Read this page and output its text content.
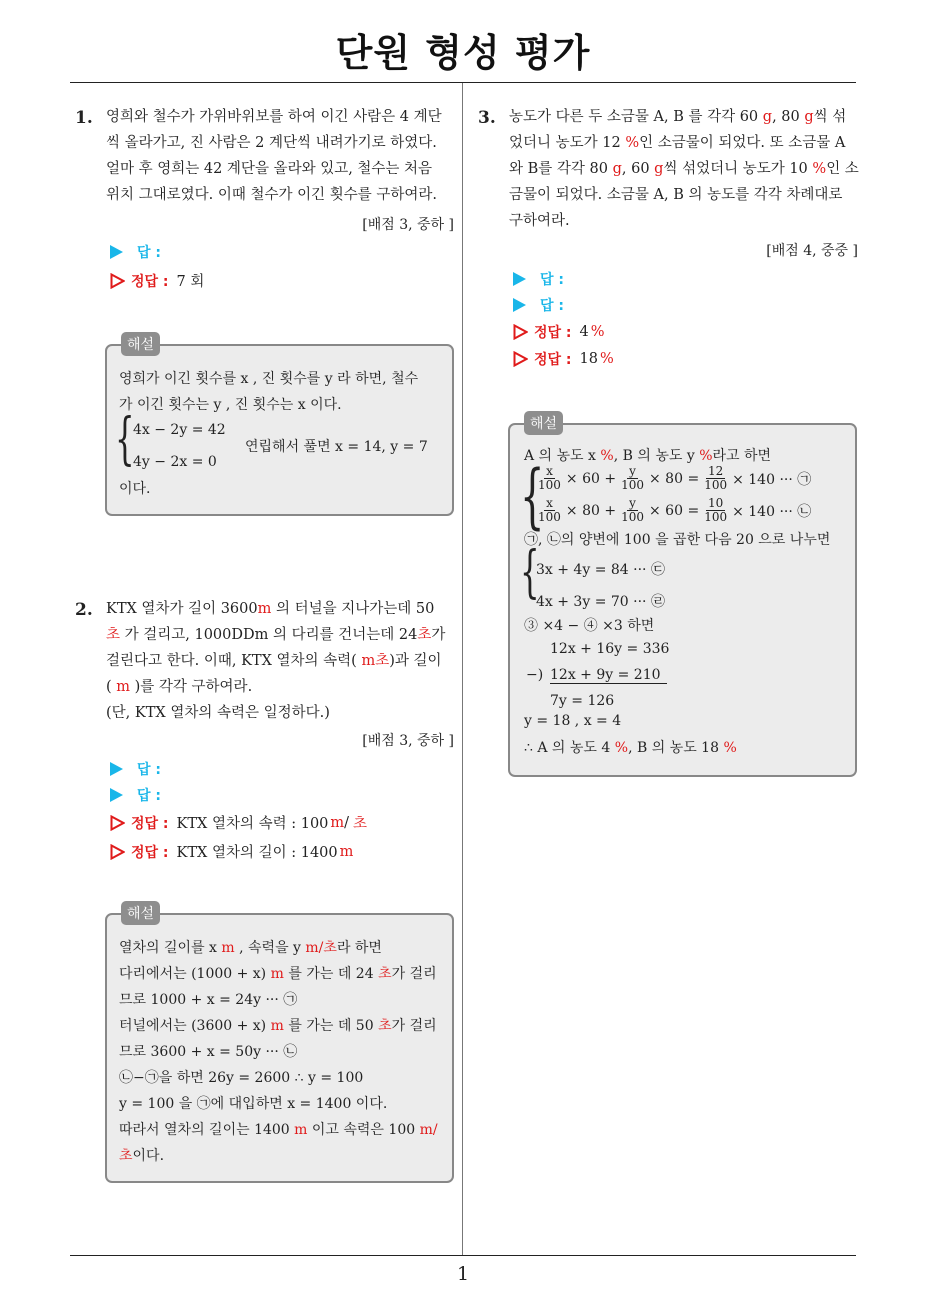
단원 형성 평가
1
1. 영희와 철수가 가위바위보를 하여 이긴 사람은 4 계단
씩 올라가고, 진 사람은 2 계단씩 내려가기로 하였다.
얼마 후 영희는 42 계단을 올라와 있고, 철수는 처음
위치 그대로였다. 이때 철수가 이긴 횟수를 구하여라.
[배점 3, 중하 ]
답 :
정답 : 7 회
해설
영희가 이긴 횟수를 x , 진 횟수를 y 라 하면, 철수
가 이긴 횟수는 y , 진 횟수는 x 이다.
{
4x − 2y = 42
4y − 2x = 0
연립해서 풀면 x = 14, y = 7
이다.
2. KTX 열차가 길이 3600m 의 터널을 지나가는데 50
초 가 걸리고, 1000DDm 의 다리를 건너는데 24초가
걸린다고 한다. 이때, KTX 열차의 속력( m초)과 길이
( m )를 각각 구하여라.
(단, KTX 열차의 속력은 일정하다.)
[배점 3, 중하 ]
답 :
답 :
정답 : KTX 열차의 속력 : 100 m / 초
정답 : KTX 열차의 길이 : 1400 m
해설
열차의 길이를 x m , 속력을 y m/초라 하면
다리에서는 (1000 + x) m 를 가는 데 24 초가 걸리
므로 1000 + x = 24y ··· ㉠
터널에서는 (3600 + x) m 를 가는 데 50 초가 걸리
므로 3600 + x = 50y ··· ㉡
㉡−㉠을 하면 26y = 2600 ∴ y = 100
y = 100 을 ㉠에 대입하면 x = 1400 이다.
따라서 열차의 길이는 1400 m 이고 속력은 100 m/
초이다.
3. 농도가 다른 두 소금물 A, B 를 각각 60 g, 80 g씩 섞
었더니 농도가 12 %인 소금물이 되었다. 또 소금물 A
와 B를 각각 80 g, 60 g씩 섞었더니 농도가 10 %인 소
금물이 되었다. 소금물 A, B 의 농도를 각각 차례대로
구하여라.
[배점 4, 중중 ]
답 :
답 :
정답 : 4 %
정답 : 18 %
해설
A 의 농도 x %, B 의 농도 y %라고 하면
{
$\frac{x}{100} \times 60 + \frac{y}{100} \times 80 = \frac{12}{100} \times 140$ ··· ㉠
$\frac{x}{100} \times 80 + \frac{y}{100} \times 60 = \frac{10}{100} \times 140$ ··· ㉡
㉠, ㉡의 양변에 100 을 곱한 다음 20 으로 나누면
{
3x + 4y = 84 ··· ㉢
4x + 3y = 70 ··· ㉣
③ ×4 − ④ ×3 하면
12x + 16y = 336
−) 12x + 9y = 210
7y = 126
y = 18 , x = 4
∴ A 의 농도 4 %, B 의 농도 18 %
